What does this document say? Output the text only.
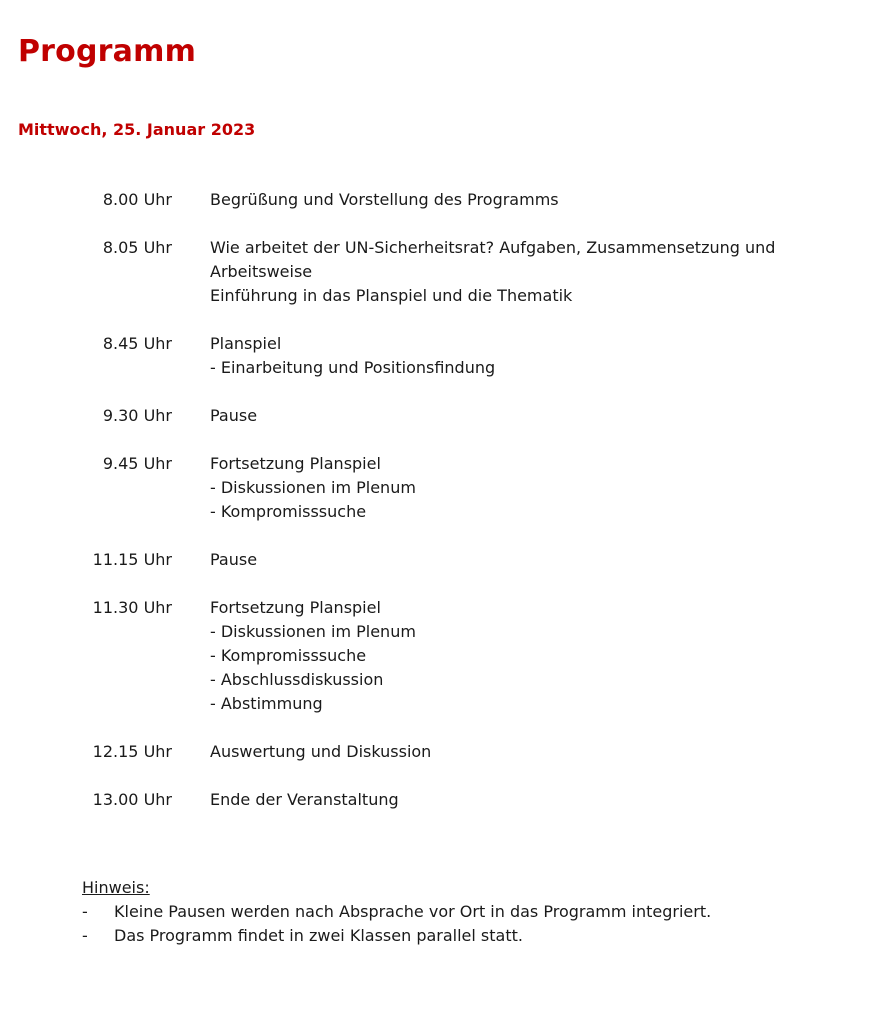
Programm
Mittwoch, 25. Januar 2023
8.00 Uhr Begrüßung und Vorstellung des Programms
8.05 Uhr Wie arbeitet der UN-Sicherheitsrat? Aufgaben, Zusammensetzung und
Arbeitsweise
Einführung in das Planspiel und die Thematik
8.45 Uhr Planspiel
- Einarbeitung und Positionsfindung
9.30 Uhr Pause
9.45 Uhr Fortsetzung Planspiel
- Diskussionen im Plenum
- Kompromisssuche
11.15 Uhr Pause
11.30 Uhr Fortsetzung Planspiel
- Diskussionen im Plenum
- Kompromisssuche
- Abschlussdiskussion
- Abstimmung
12.15 Uhr Auswertung und Diskussion
13.00 Uhr Ende der Veranstaltung
Hinweis:
- Kleine Pausen werden nach Absprache vor Ort in das Programm integriert.
- Das Programm findet in zwei Klassen parallel statt.
